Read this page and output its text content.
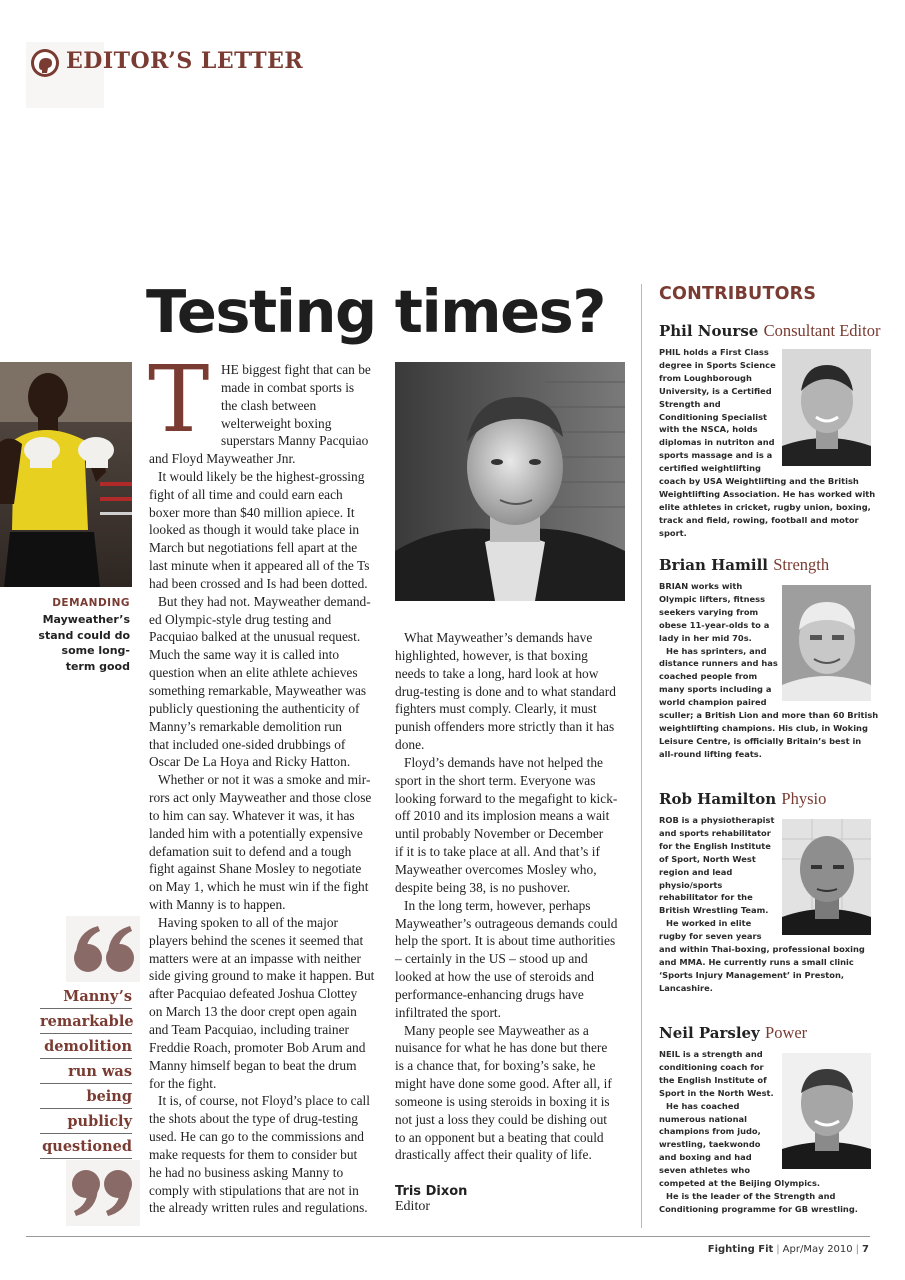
EDITOR’S LETTER
Testing times?
DEMANDING
Mayweather’s
stand could do
some long-
term good
Manny’s
remarkable
demolition
run was
being
publicly
questioned
T HE biggest fight that can be
made in combat sports is
the clash between
welterweight boxing
superstars Manny Pacquiao
and Floyd Mayweather Jnr.
It would likely be the highest-grossing
fight of all time and could earn each
boxer more than $40 million apiece. It
looked as though it would take place in
March but negotiations fell apart at the
last minute when it appeared all of the Ts
had been crossed and Is had been dotted.
But they had not. Mayweather demand-
ed Olympic-style drug testing and
Pacquiao balked at the unusual request.
Much the same way it is called into
question when an elite athlete achieves
something remarkable, Mayweather was
publicly questioning the authenticity of
Manny’s remarkable demolition run
that included one-sided drubbings of
Oscar De La Hoya and Ricky Hatton.
Whether or not it was a smoke and mir-
rors act only Mayweather and those close
to him can say. Whatever it was, it has
landed him with a potentially expensive
defamation suit to defend and a tough
fight against Shane Mosley to negotiate
on May 1, which he must win if the fight
with Manny is to happen.
Having spoken to all of the major
players behind the scenes it seemed that
matters were at an impasse with neither
side giving ground to make it happen. But
after Pacquiao defeated Joshua Clottey
on March 13 the door crept open again
and Team Pacquiao, including trainer
Freddie Roach, promoter Bob Arum and
Manny himself began to beat the drum
for the fight.
It is, of course, not Floyd’s place to call
the shots about the type of drug-testing
used. He can go to the commissions and
make requests for them to consider but
he had no business asking Manny to
comply with stipulations that are not in
the already written rules and regulations.
What Mayweather’s demands have
highlighted, however, is that boxing
needs to take a long, hard look at how
drug-testing is done and to what standard
fighters must comply. Clearly, it must
punish offenders more strictly than it has
done.
Floyd’s demands have not helped the
sport in the short term. Everyone was
looking forward to the megafight to kick-
off 2010 and its implosion means a wait
until probably November or December
if it is to take place at all. And that’s if
Mayweather overcomes Mosley who,
despite being 38, is no pushover.
In the long term, however, perhaps
Mayweather’s outrageous demands could
help the sport. It is about time authorities
– certainly in the US – stood up and
looked at how the use of steroids and
performance-enhancing drugs have
infiltrated the sport.
Many people see Mayweather as a
nuisance for what he has done but there
is a chance that, for boxing’s sake, he
might have done some good. After all, if
someone is using steroids in boxing it is
not just a loss they could be dishing out
to an opponent but a beating that could
drastically affect their quality of life.
Tris Dixon
Editor
CONTRIBUTORS
Phil Nourse Consultant Editor

PHIL holds a First Class

degree in Sports Science

from Loughborough

University, is a Certified

Strength and

Conditioning Specialist

with the NSCA, holds

diplomas in nutriton and

sports massage and is a

certified weightlifting

coach by USA Weightlifting and the British

Weightlifting Association. He has worked with

elite athletes in cricket, rugby union, boxing,

track and field, rowing, football and motor sport.

Brian Hamill Strength

BRIAN works with

Olympic lifters, fitness

seekers varying from

obese 11-year-olds to a

lady in her mid 70s.

He has sprinters, and

distance runners and has

coached people from

many sports including a

world champion paired

sculler; a British Lion and more than 60 British

weightlifting champions. His club, in Woking

Leisure Centre, is officially Britain’s best in

all-round lifting feats.

Rob Hamilton Physio

ROB is a physiotherapist

and sports rehabilitator

for the English Institute

of Sport, North West

region and lead

physio/sports

rehabilitator for the

British Wrestling Team.

He worked in elite

rugby for seven years

and within Thai-boxing, professional boxing

and MMA. He currently runs a small clinic

‘Sports Injury Management’ in Preston,

Lancashire.

Neil Parsley Power

NEIL is a strength and

conditioning coach for

the English Institute of

Sport in the North West.

He has coached

numerous national

champions from judo,

wrestling, taekwondo

and boxing and had

seven athletes who

competed at the Beijing Olympics.

He is the leader of the Strength and

Conditioning programme for GB wrestling.

Fighting Fit | Apr/May 2010 | 7
